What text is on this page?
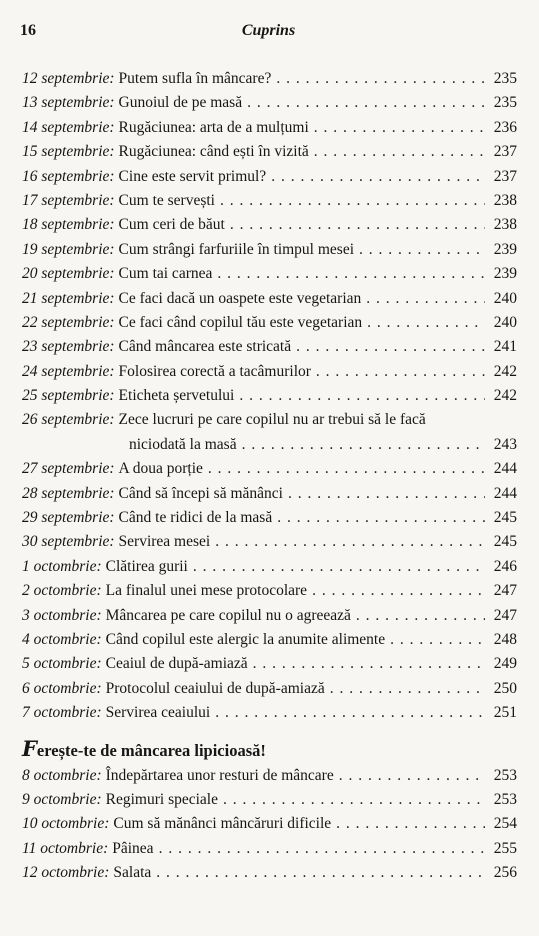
16	Cuprins
12 septembrie: Putem sufla în mâncare? . . .	235
13 septembrie: Gunoiul de pe masă . . .	235
14 septembrie: Rugăciunea: arta de a mulțumi . . .	236
15 septembrie: Rugăciunea: când ești în vizită . . .	237
16 septembrie: Cine este servit primul? . . .	237
17 septembrie: Cum te servești . . .	238
18 septembrie: Cum ceri de băut . . .	238
19 septembrie: Cum strângi farfuriile în timpul mesei . . .	239
20 septembrie: Cum tai carnea . . .	239
21 septembrie: Ce faci dacă un oaspete este vegetarian . . .	240
22 septembrie: Ce faci când copilul tău este vegetarian . . .	240
23 septembrie: Când mâncarea este stricată . . .	241
24 septembrie: Folosirea corectă a tacâmurilor . . .	242
25 septembrie: Eticheta șervetului . . .	242
26 septembrie: Zece lucruri pe care copilul nu ar trebui să le facă
niciodată la masă . . .	243
27 septembrie: A doua porție . . .	244
28 septembrie: Când să începi să mănânci . . .	244
29 septembrie: Când te ridici de la masă . . .	245
30 septembrie: Servirea mesei . . .	245
1 octombrie: Clătirea gurii . . .	246
2 octombrie: La finalul unei mese protocolare . . .	247
3 octombrie: Mâncarea pe care copilul nu o agreează . . .	247
4 octombrie: Când copilul este alergic la anumite alimente . . .	248
5 octombrie: Ceaiul de după-amiază . . .	249
6 octombrie: Protocolul ceaiului de după-amiază . . .	250
7 octombrie: Servirea ceaiului . . .	251
Ferește-te de mâncarea lipicioasă!
8 octombrie: Îndepărtarea unor resturi de mâncare . . .	253
9 octombrie: Regimuri speciale . . .	253
10 octombrie: Cum să mănânci mâncăruri dificile . . .	254
11 octombrie: Pâinea . . .	255
12 octombrie: Salata . . .	256
